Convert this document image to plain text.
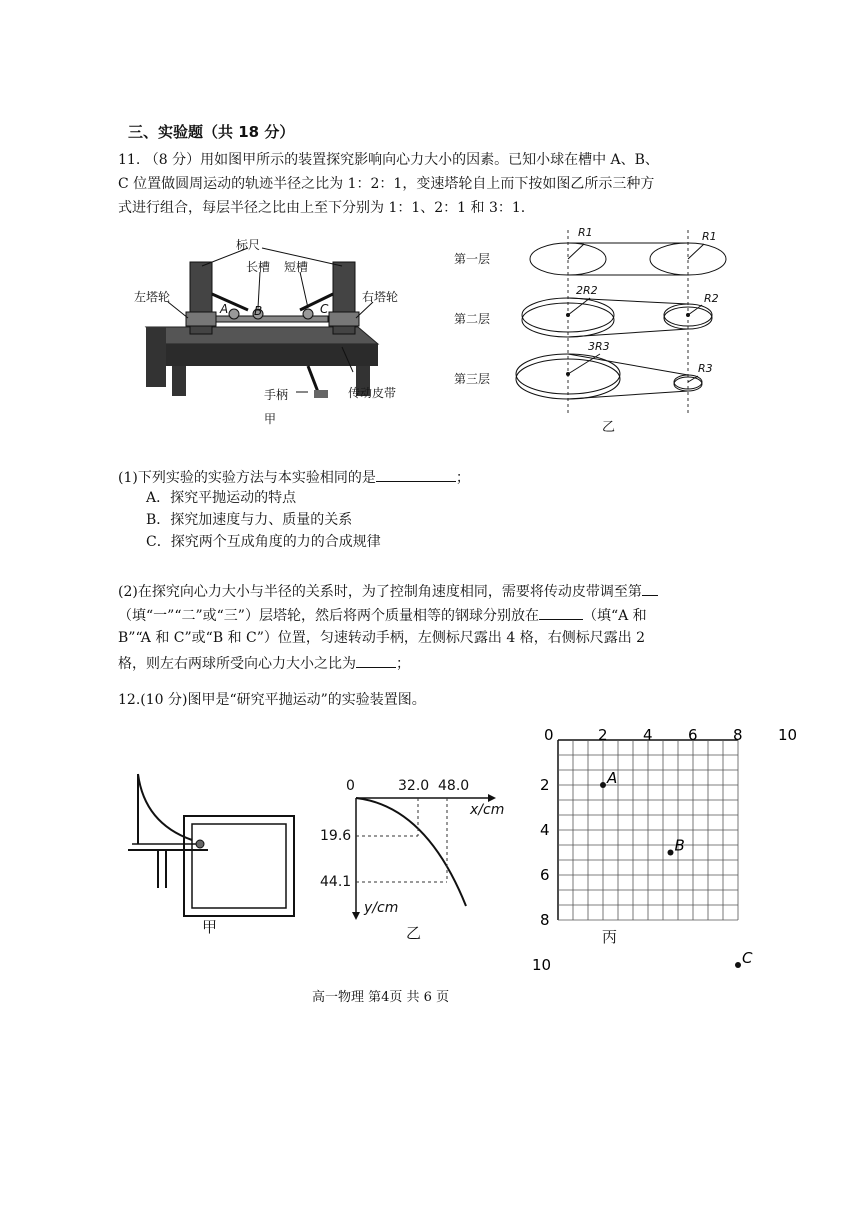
三、实验题（共 18 分）
11. （8 分）用如图甲所示的装置探究影响向心力大小的因素。已知小球在槽中 A、B、
C 位置做圆周运动的轨迹半径之比为 1：2：1，变速塔轮自上而下按如图乙所示三种方
式进行组合，每层半径之比由上至下分别为 1：1、2：1 和 3：1.
标尺
长槽 短槽
左塔轮	右塔轮
A B	C
手柄	传动皮带
甲
第一层
第二层
第三层
R1	R1
2R2
R2
3R3
R3
乙
(1)下列实验的实验方法与本实验相同的是	；
A．探究平抛运动的特点
B．探究加速度与力、质量的关系
C．探究两个互成角度的力的合成规律
(2)在探究向心力大小与半径的关系时，为了控制角速度相同，需要将传动皮带调至第
（填“一”“二”或“三”）层塔轮，然后将两个质量相等的钢球分别放在	（填“A 和
B”“A 和 C”或“B 和 C”）位置，匀速转动手柄，左侧标尺露出 4 格，右侧标尺露出 2
格，则左右两球所受向心力大小之比为	；
12.(10 分)图甲是“研究平抛运动”的实验装置图。
甲
0	32.0 48.0
x/cm
19.6
44.1
y/cm
乙
0	2 4 6 8 10
2
4
6
8
10
A
B
C
丙
高一物理 第4页 共 6 页
